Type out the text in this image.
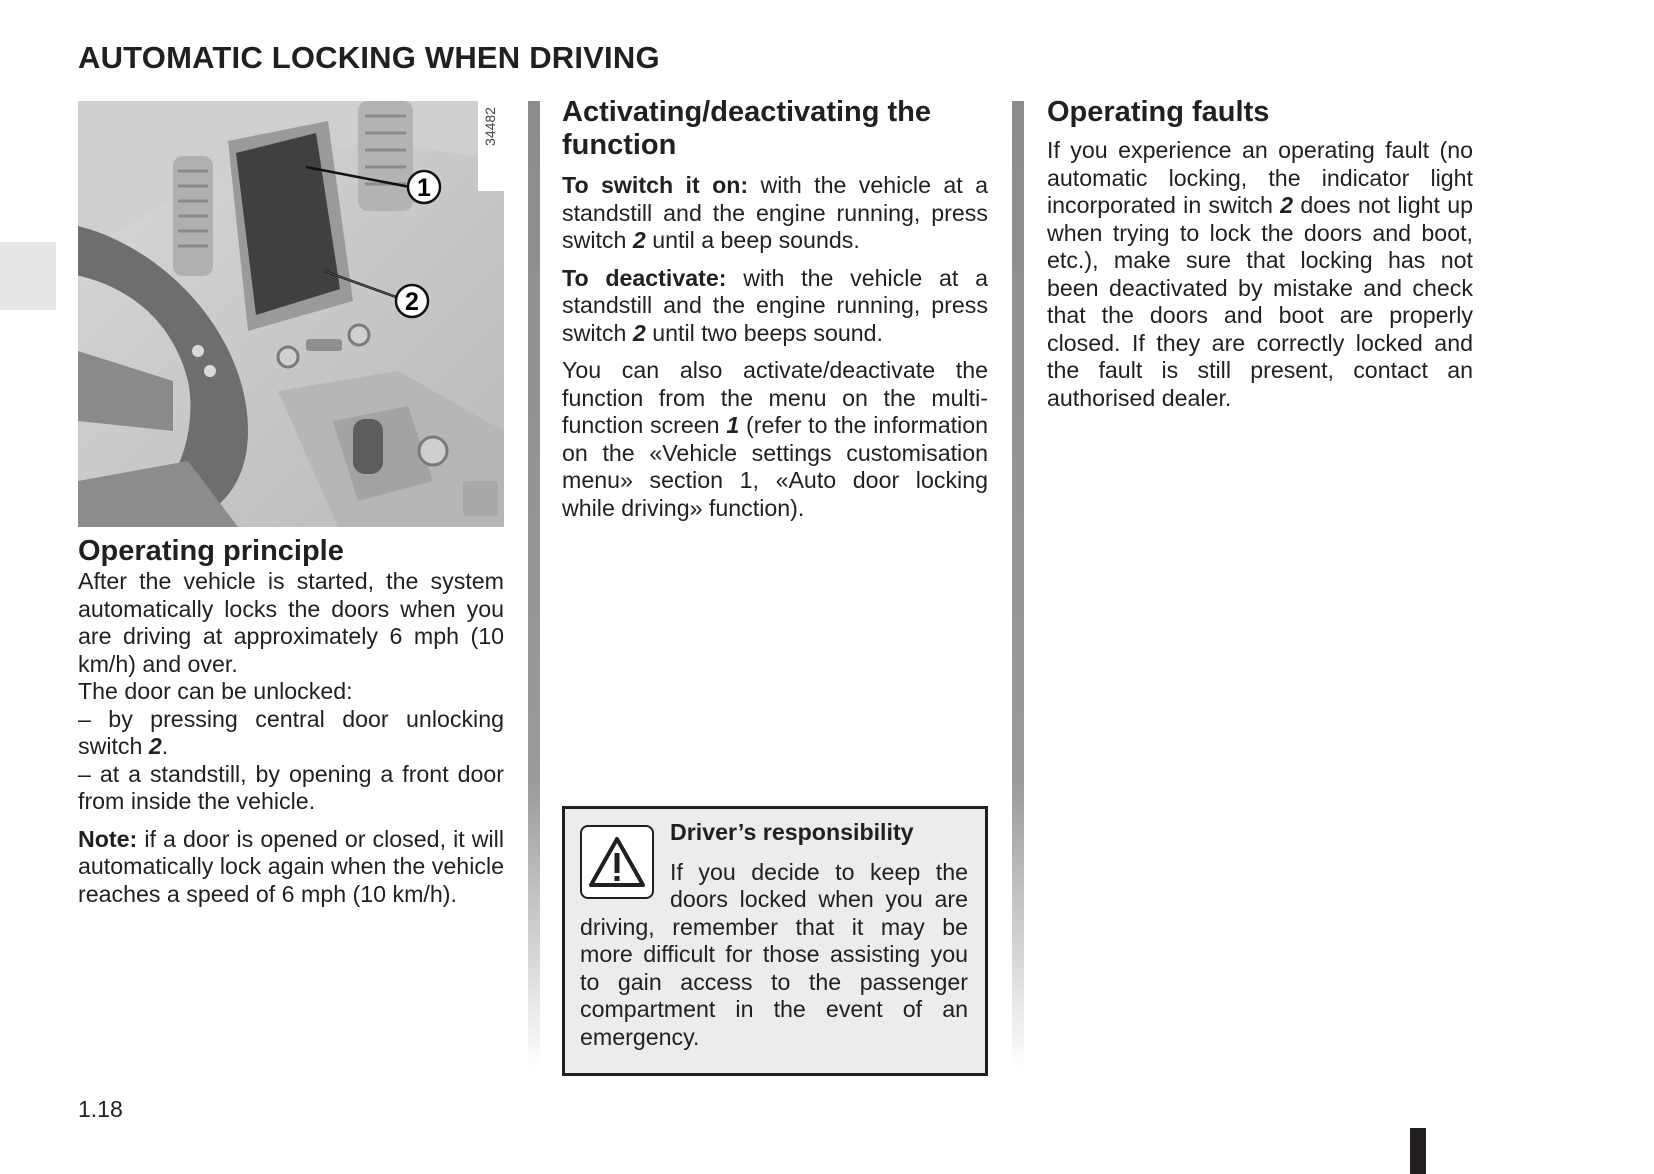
AUTOMATIC LOCKING WHEN DRIVING
1
2
34482
Operating principle

After the vehicle is started, the system automatically locks the doors when you are driving at approximately 6 mph (10 km/h) and over.

The door can be unlocked:

– by pressing central door unlocking switch 2.

– at a standstill, by opening a front door from inside the vehicle.

Note: if a door is opened or closed, it will automatically lock again when the vehicle reaches a speed of 6 mph (10 km/h).

Activating/deactivating the function

To switch it on: with the vehicle at a standstill and the engine running, press switch 2 until a beep sounds.

To deactivate: with the vehicle at a standstill and the engine running, press switch 2 until two beeps sound.

You can also activate/deactivate the function from the menu on the multi-function screen 1 (refer to the information on the «Vehicle settings customisation menu» section 1, «Auto door locking while driving» function).

Driver’s responsibility

If you decide to keep the doors locked when you are driving, remember that it may be more difficult for those assisting you to gain access to the passenger compartment in the event of an emergency.

Operating faults

If you experience an operating fault (no automatic locking, the indicator light incorporated in switch 2 does not light up when trying to lock the doors and boot, etc.), make sure that locking has not been deactivated by mistake and check that the doors and boot are properly closed. If they are correctly locked and the fault is still present, contact an authorised dealer.

1.18
